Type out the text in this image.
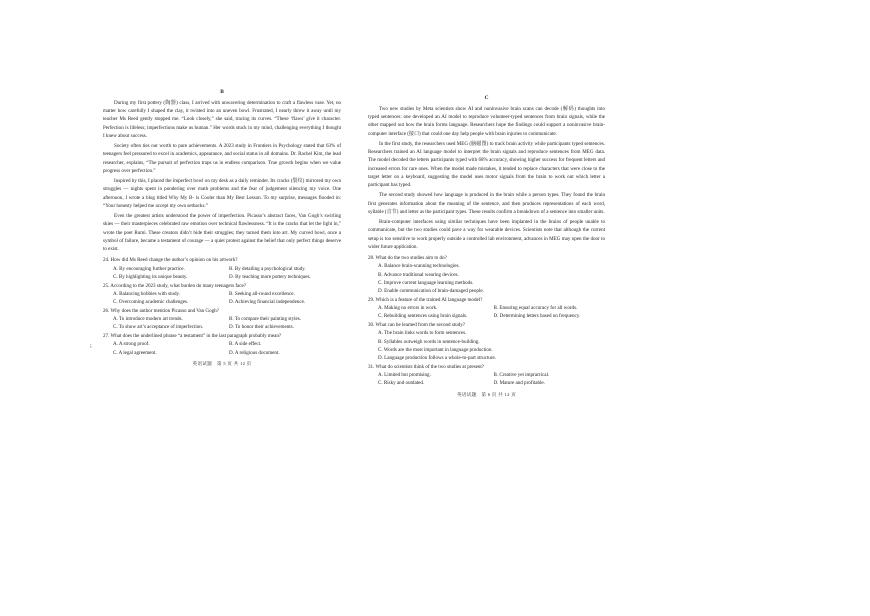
;
B

During my first pottery (陶器) class, I arrived with unwavering determination to craft a flawless vase. Yet, no matter how carefully I shaped the clay, it twisted into an uneven bowl. Frustrated, I nearly threw it away until my teacher Ms Reed gently stopped me. “Look closely,” she said, tracing its curves. “These ‘flaws’ give it character. Perfection is lifeless; imperfections make us human.” Her words stuck in my mind, challenging everything I thought I knew about success.

Society often ties our worth to pure achievements. A 2023 study in Frontiers in Psychology stated that 63% of teenagers feel pressured to excel in academics, appearance, and social status in all domains. Dr. Rachel Kim, the lead researcher, explains, “The pursuit of perfection traps us in endless comparison. True growth begins when we value progress over perfection.”

Inspired by this, I placed the imperfect bowl on my desk as a daily reminder. Its cracks (裂纹) mirrored my own struggles — nights spent in pondering over math problems and the fear of judgement silencing my voice. One afternoon, I wrote a blog titled Why My B- is Cooler than My Best Lesson. To my surprise, messages flooded in: “Your honesty helped me accept my own setbacks.”

Even the greatest artists understood the power of imperfection. Picasso’s abstract faces, Van Gogh’s swirling skies — their masterpieces celebrated raw emotion over technical flawlessness. “It is the cracks that let the light in,” wrote the poet Rumi. These creators didn’t hide their struggles; they turned them into art. My curved bowl, once a symbol of failure, became a testament of courage — a quiet protest against the belief that only perfect things deserve to exist.

24. How did Ms Reed change the author’s opinion on his artwork?
A. By encouraging further practice.	B. By detailing a psychological study.
C. By highlighting its unique beauty.	D. By teaching more pottery techniques.
25. According to the 2023 study, what burden do many teenagers face?
A. Balancing hobbies with study.	B. Seeking all-round excellence.
C. Overcoming academic challenges.	D. Achieving financial independence.
26. Why does the author mention Picasso and Van Gogh?
A. To introduce modern art trends.	B. To compare their painting styles.
C. To show art’s acceptance of imperfection.	D. To honor their achievements.
27. What does the underlined phrase “a testament” in the last paragraph probably mean?
A. A strong proof.	B. A side effect.
C. A legal agreement.	D. A religious document.
英语试题　第 5 页 共 12 页
C

Two new studies by Meta scientists show AI and noninvasive brain scans can decode (解码) thoughts into typed sentences: one developed an AI model to reproduce volunteer-typed sentences from brain signals, while the other mapped out how the brain forms language. Researchers hope the findings could support a noninvasive brain-computer interface (接口) that could one day help people with brain injuries to communicate.

In the first study, the researchers used MEG (脑磁图) to track brain activity while participants typed sentences. Researchers trained an AI language model to interpret the brain signals and reproduce sentences from MEG data. The model decoded the letters participants typed with 68% accuracy, showing higher success for frequent letters and increased errors for rare ones. When the model made mistakes, it tended to replace characters that were close to the target letter on a keyboard, suggesting the model uses motor signals from the brain to work out which letter a participant has typed.

The second study showed how language is produced in the brain while a person types. They found the brain first generates information about the meaning of the sentence, and then produces representations of each word, syllable (音节) and letter as the participant types. These results confirm a breakdown of a sentence into smaller units.

Brain-computer interfaces using similar techniques have been implanted in the brains of people unable to communicate, but the two studies could pave a way for wearable devices. Scientists note that although the current setup is too sensitive to work properly outside a controlled lab environment, advances in MEG may open the door to wider future application.

28. What do the two studies aim to do?
A. Balance brain-scanning technologies.
B. Advance traditional wearing devices.
C. Improve current language learning methods.
D. Enable communication of brain-damaged people.
29. Which is a feature of the trained AI language model?
A. Making no errors in work.	B. Ensuring equal accuracy for all words.
C. Rebuilding sentences using brain signals.	D. Determining letters based on frequency.
30. What can be learned from the second study?
A. The brain links words to form sentences.
B. Syllables outweigh words in sentence-building.
C. Words are the most important in language production.
D. Language production follows a whole-to-part structure.
31. What do scientists think of the two studies at present?
A. Limited but promising.	B. Creative yet impractical.
C. Risky and outdated.	D. Mature and profitable.
英语试题　第 6 页 共 12 页
